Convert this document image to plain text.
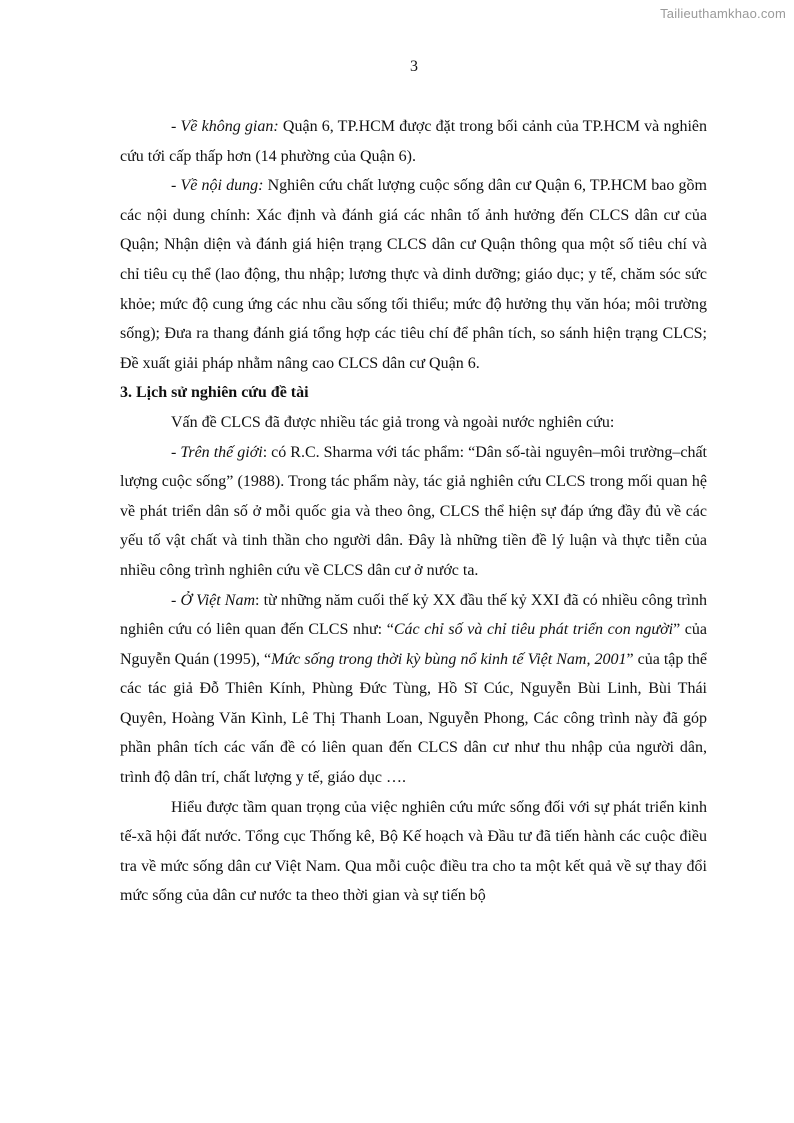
Tailieuthamkhao.com
3

- Về không gian: Quận 6, TP.HCM được đặt trong bối cảnh của TP.HCM và nghiên cứu tới cấp thấp hơn (14 phường của Quận 6).

- Về nội dung: Nghiên cứu chất lượng cuộc sống dân cư Quận 6, TP.HCM bao gồm các nội dung chính: Xác định và đánh giá các nhân tố ảnh hưởng đến CLCS dân cư của Quận; Nhận diện và đánh giá hiện trạng CLCS dân cư Quận thông qua một số tiêu chí và chỉ tiêu cụ thể (lao động, thu nhập; lương thực và dinh dưỡng; giáo dục; y tế, chăm sóc sức khỏe; mức độ cung ứng các nhu cầu sống tối thiểu; mức độ hưởng thụ văn hóa; môi trường sống); Đưa ra thang đánh giá tổng hợp các tiêu chí để phân tích, so sánh hiện trạng CLCS; Đề xuất giải pháp nhằm nâng cao CLCS dân cư Quận 6.

3. Lịch sử nghiên cứu đề tài

Vấn đề CLCS đã được nhiều tác giả trong và ngoài nước nghiên cứu:

- Trên thế giới: có R.C. Sharma với tác phẩm: “Dân số-tài nguyên–môi trường–chất lượng cuộc sống” (1988). Trong tác phẩm này, tác giả nghiên cứu CLCS trong mối quan hệ về phát triển dân số ở mỗi quốc gia và theo ông, CLCS thể hiện sự đáp ứng đầy đủ về các yếu tố vật chất và tinh thần cho người dân. Đây là những tiền đề lý luận và thực tiễn của nhiều công trình nghiên cứu về CLCS dân cư ở nước ta.

- Ở Việt Nam: từ những năm cuối thế kỷ XX đầu thế kỷ XXI đã có nhiều công trình nghiên cứu có liên quan đến CLCS như: “Các chỉ số và chỉ tiêu phát triển con người” của Nguyễn Quán (1995), “Mức sống trong thời kỳ bùng nổ kinh tế Việt Nam, 2001” của tập thể các tác giả Đỗ Thiên Kính, Phùng Đức Tùng, Hồ Sĩ Cúc, Nguyễn Bùi Linh, Bùi Thái Quyên, Hoàng Văn Kình, Lê Thị Thanh Loan, Nguyễn Phong, Các công trình này đã góp phần phân tích các vấn đề có liên quan đến CLCS dân cư như thu nhập của người dân, trình độ dân trí, chất lượng y tế, giáo dục ….

Hiểu được tầm quan trọng của việc nghiên cứu mức sống đối với sự phát triển kinh tế-xã hội đất nước. Tổng cục Thống kê, Bộ Kế hoạch và Đầu tư đã tiến hành các cuộc điều tra về mức sống dân cư Việt Nam. Qua mỗi cuộc điều tra cho ta một kết quả về sự thay đổi mức sống của dân cư nước ta theo thời gian và sự tiến bộ
